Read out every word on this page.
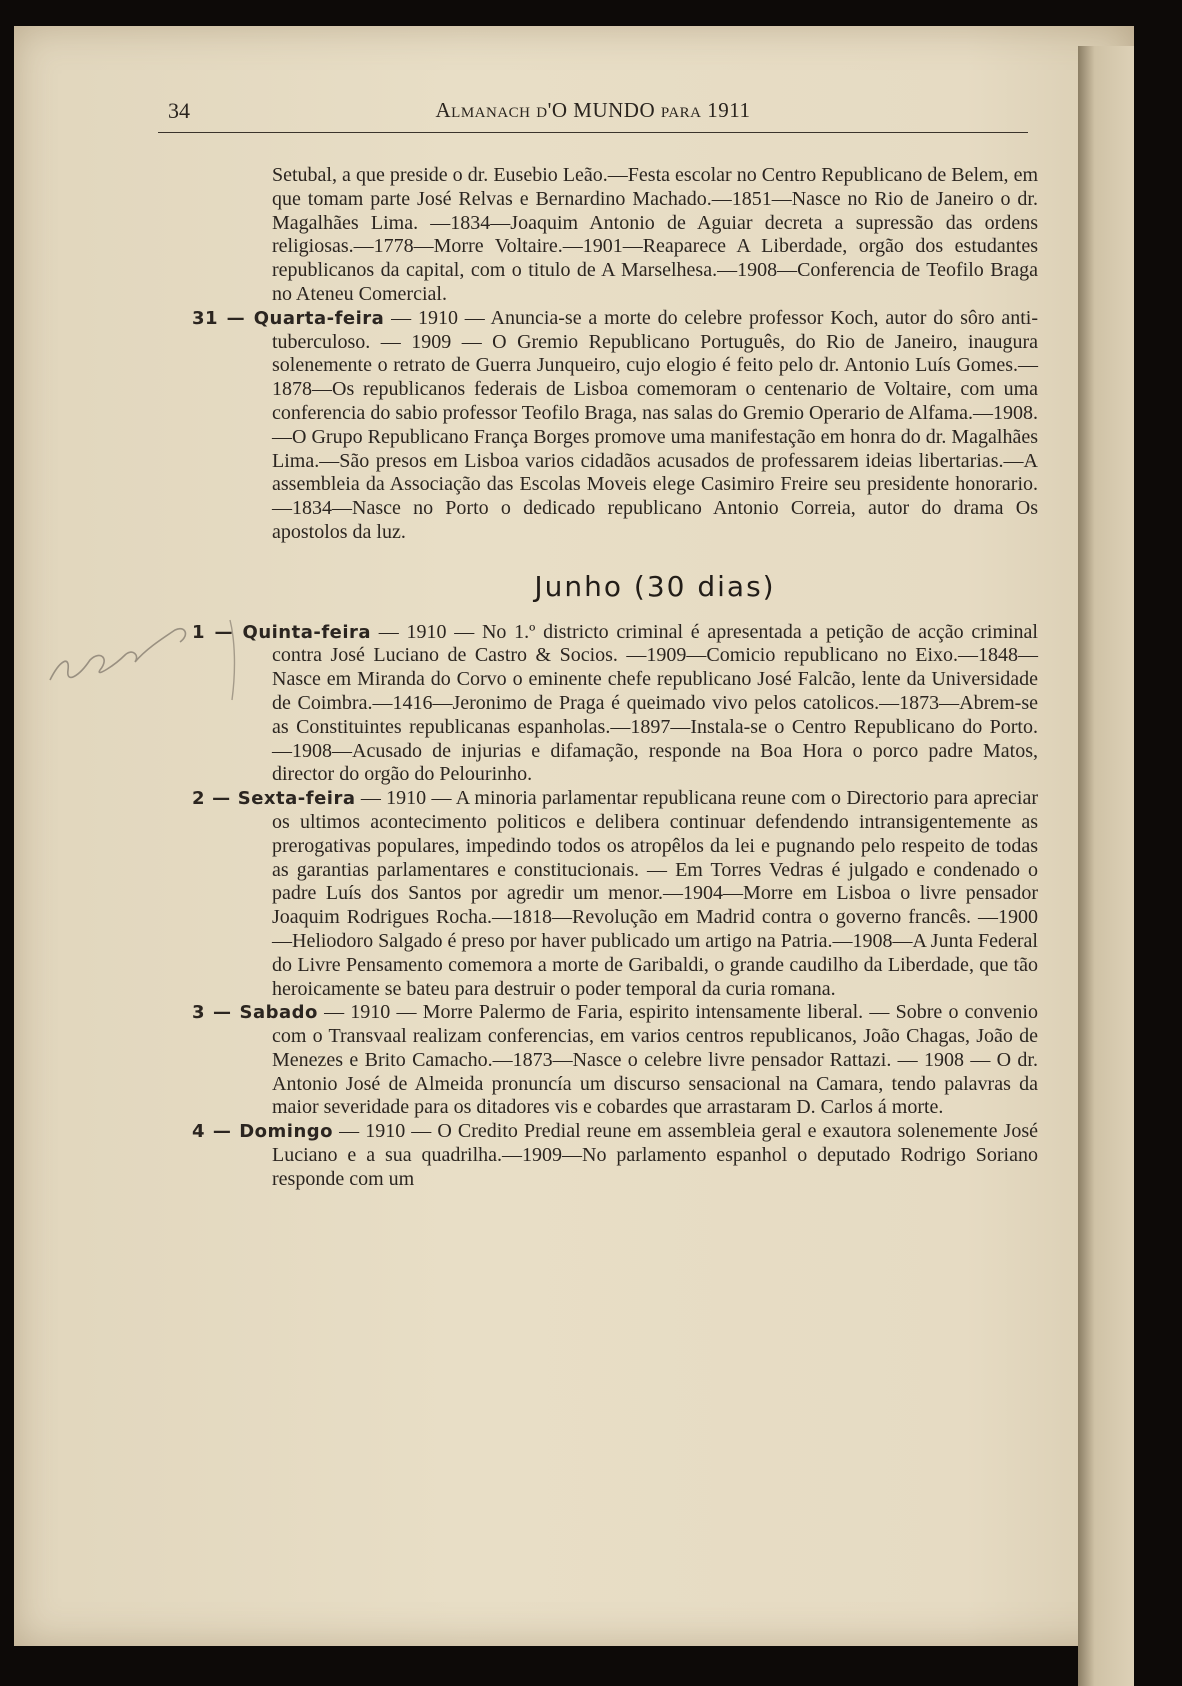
34	Almanach d'O MUNDO para 1911

Setubal, a que preside o dr. Eusebio Leão.—Festa escolar no Centro Republicano de Belem, em que tomam parte José Relvas e Bernardino Machado.—1851—Nasce no Rio de Janeiro o dr. Magalhães Lima. —1834—Joaquim Antonio de Aguiar decreta a supressão das ordens religiosas.—1778—Morre Voltaire.—1901—Reaparece A Liberdade, orgão dos estudantes republicanos da capital, com o titulo de A Marselhesa.—1908—Conferencia de Teofilo Braga no Ateneu Comercial.

31 — Quarta-feira — 1910 — Anuncia-se a morte do celebre professor Koch, autor do sôro anti-tuberculoso. — 1909 — O Gremio Republicano Português, do Rio de Janeiro, inaugura solenemente o retrato de Guerra Junqueiro, cujo elogio é feito pelo dr. Antonio Luís Gomes.—1878—Os republicanos federais de Lisboa comemoram o centenario de Voltaire, com uma conferencia do sabio professor Teofilo Braga, nas salas do Gremio Operario de Alfama.—1908.—O Grupo Republicano França Borges promove uma manifestação em honra do dr. Magalhães Lima.—São presos em Lisboa varios cidadãos acusados de professarem ideias libertarias.—A assembleia da Associação das Escolas Moveis elege Casimiro Freire seu presidente honorario.—1834—Nasce no Porto o dedicado republicano Antonio Correia, autor do drama Os apostolos da luz.

Junho (30 dias)

1 — Quinta-feira — 1910 — No 1.º districto criminal é apresentada a petição de acção criminal contra José Luciano de Castro & Socios. —1909—Comicio republicano no Eixo.—1848—Nasce em Miranda do Corvo o eminente chefe republicano José Falcão, lente da Universidade de Coimbra.—1416—Jeronimo de Praga é queimado vivo pelos catolicos.—1873—Abrem-se as Constituintes republicanas espanholas.—1897—Instala-se o Centro Republicano do Porto.—1908—Acusado de injurias e difamação, responde na Boa Hora o porco padre Matos, director do orgão do Pelourinho.

2 — Sexta-feira — 1910 — A minoria parlamentar republicana reune com o Directorio para apreciar os ultimos acontecimento politicos e delibera continuar defendendo intransigentemente as prerogativas populares, impedindo todos os atropêlos da lei e pugnando pelo respeito de todas as garantias parlamentares e constitucionais. — Em Torres Vedras é julgado e condenado o padre Luís dos Santos por agredir um menor.—1904—Morre em Lisboa o livre pensador Joaquim Rodrigues Rocha.—1818—Revolução em Madrid contra o governo francês. —1900—Heliodoro Salgado é preso por haver publicado um artigo na Patria.—1908—A Junta Federal do Livre Pensamento comemora a morte de Garibaldi, o grande caudilho da Liberdade, que tão heroicamente se bateu para destruir o poder temporal da curia romana.

3 — Sabado — 1910 — Morre Palermo de Faria, espirito intensamente liberal. — Sobre o convenio com o Transvaal realizam conferencias, em varios centros republicanos, João Chagas, João de Menezes e Brito Camacho.—1873—Nasce o celebre livre pensador Rattazi. — 1908 — O dr. Antonio José de Almeida pronuncía um discurso sensacional na Camara, tendo palavras da maior severidade para os ditadores vis e cobardes que arrastaram D. Carlos á morte.

4 — Domingo — 1910 — O Credito Predial reune em assembleia geral e exautora solenemente José Luciano e a sua quadrilha.—1909—No parlamento espanhol o deputado Rodrigo Soriano responde com um
